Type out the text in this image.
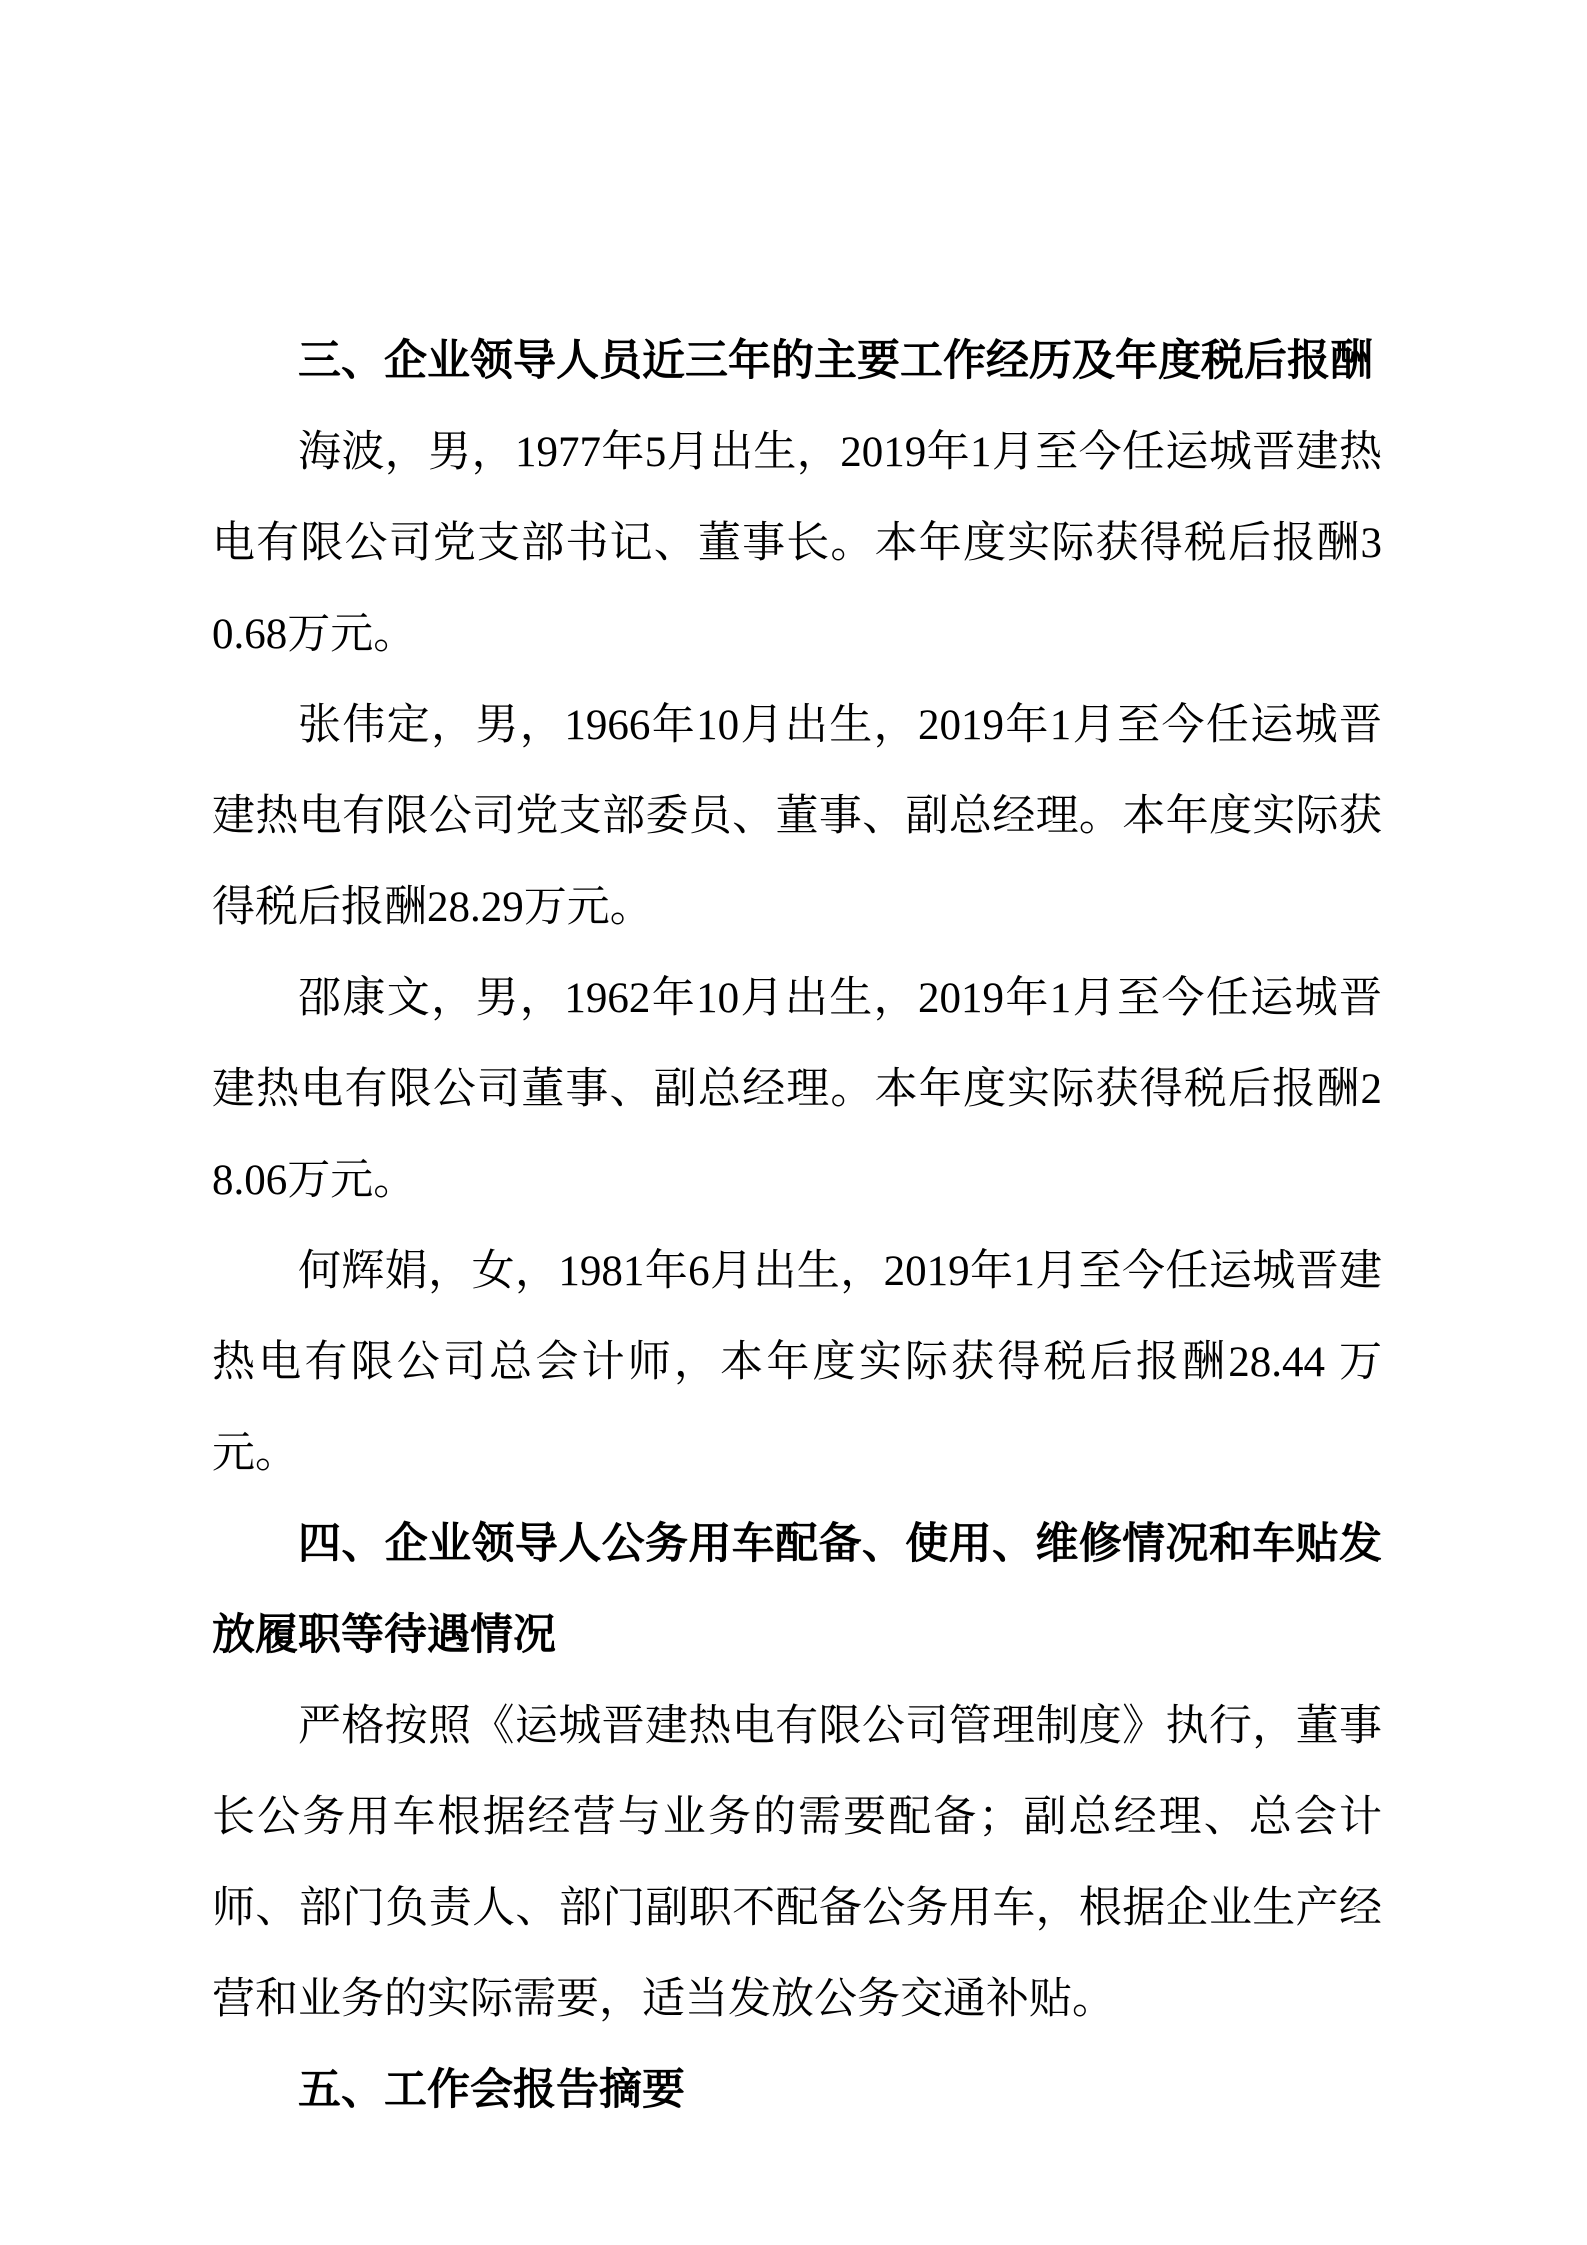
三、企业领导人员近三年的主要工作经历及年度税后报酬

海波，男，1977年5月出生，2019年1月至今任运城晋建热电有限公司党支部书记、董事长。本年度实际获得税后报酬30.68万元。

张伟定，男，1966年10月出生，2019年1月至今任运城晋建热电有限公司党支部委员、董事、副总经理。本年度实际获得税后报酬28.29万元。

邵康文，男，1962年10月出生，2019年1月至今任运城晋建热电有限公司董事、副总经理。本年度实际获得税后报酬28.06万元。

何辉娟，女，1981年6月出生，2019年1月至今任运城晋建热电有限公司总会计师，本年度实际获得税后报酬28.44 万元。

四、企业领导人公务用车配备、使用、维修情况和车贴发放履职等待遇情况

严格按照《运城晋建热电有限公司管理制度》执行，董事长公务用车根据经营与业务的需要配备；副总经理、总会计师、部门负责人、部门副职不配备公务用车，根据企业生产经营和业务的实际需要，适当发放公务交通补贴。

五、工作会报告摘要
